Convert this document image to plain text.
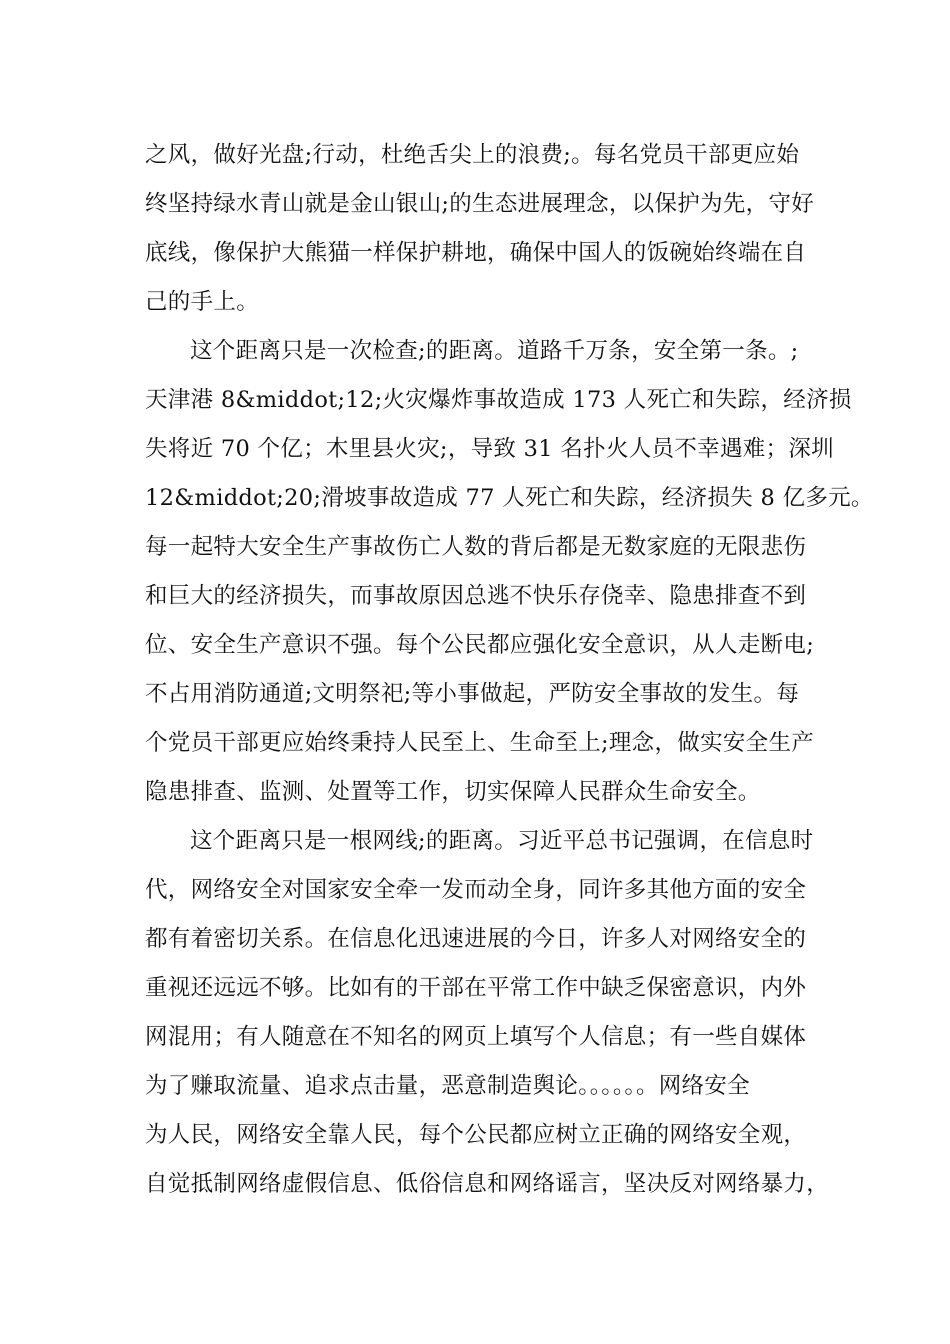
之风，做好光盘;行动，杜绝舌尖上的浪费;。每名党员干部更应始
终坚持绿水青山就是金山银山;的生态进展理念，以保护为先，守好
底线，像保护大熊猫一样保护耕地，确保中国人的饭碗始终端在自
己的手上。
这个距离只是一次检查;的距离。道路千万条，安全第一条。;
天津港 8&middot;12;火灾爆炸事故造成 173 人死亡和失踪，经济损
失将近 70 个亿；木里县火灾;，导致 31 名扑火人员不幸遇难；深圳
12&middot;20;滑坡事故造成 77 人死亡和失踪，经济损失 8 亿多元。
每一起特大安全生产事故伤亡人数的背后都是无数家庭的无限悲伤
和巨大的经济损失，而事故原因总逃不快乐存侥幸、隐患排查不到
位、安全生产意识不强。每个公民都应强化安全意识，从人走断电;
不占用消防通道;文明祭祀;等小事做起，严防安全事故的发生。每
个党员干部更应始终秉持人民至上、生命至上;理念，做实安全生产
隐患排查、监测、处置等工作，切实保障人民群众生命安全。
这个距离只是一根网线;的距离。习近平总书记强调，在信息时
代，网络安全对国家安全牵一发而动全身，同许多其他方面的安全
都有着密切关系。在信息化迅速进展的今日，许多人对网络安全的
重视还远远不够。比如有的干部在平常工作中缺乏保密意识，内外
网混用；有人随意在不知名的网页上填写个人信息；有一些自媒体
为了赚取流量、追求点击量，恶意制造舆论。。。。。。网络安全
为人民，网络安全靠人民，每个公民都应树立正确的网络安全观，
自觉抵制网络虚假信息、低俗信息和网络谣言，坚决反对网络暴力，
